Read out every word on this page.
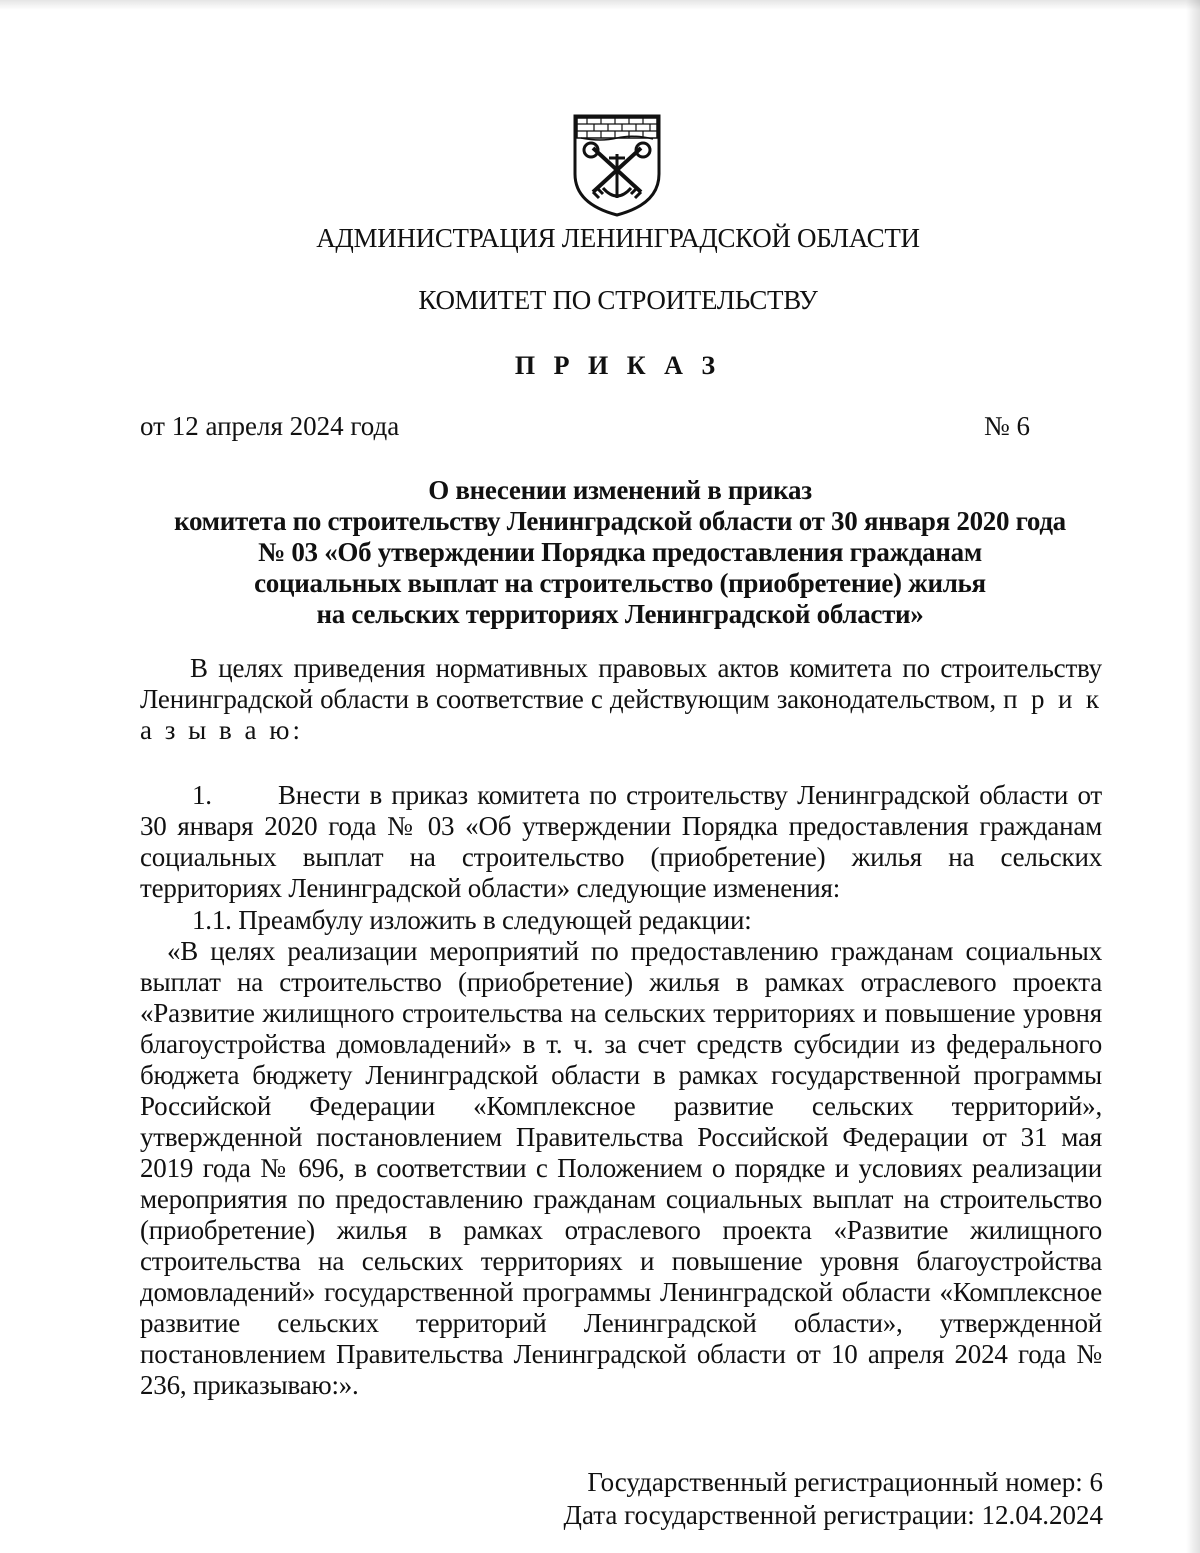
АДМИНИСТРАЦИЯ ЛЕНИНГРАДСКОЙ ОБЛАСТИ
КОМИТЕТ ПО СТРОИТЕЛЬСТВУ
П Р И К А З
от 12 апреля 2024 года	№ 6
О внесении изменений в приказ
комитета по строительству Ленинградской области от 30 января 2020 года
№ 03 «Об утверждении Порядка предоставления гражданам
социальных выплат на строительство (приобретение) жилья
на сельских территориях Ленинградской области»
В целях приведения нормативных правовых актов комитета по строительству Ленинградской области в соответствие с действующим законодательством, п р и к а з ы в а ю:
1. Внести в приказ комитета по строительству Ленинградской области от 30 января 2020 года № 03 «Об утверждении Порядка предоставления гражданам социальных выплат на строительство (приобретение) жилья на сельских территориях Ленинградской области» следующие изменения:
1.1. Преамбулу изложить в следующей редакции:
«В целях реализации мероприятий по предоставлению гражданам социальных выплат на строительство (приобретение) жилья в рамках отраслевого проекта «Развитие жилищного строительства на сельских территориях и повышение уровня благоустройства домовладений» в т. ч. за счет средств субсидии из федерального бюджета бюджету Ленинградской области в рамках государственной программы Российской Федерации «Комплексное развитие сельских территорий», утвержденной постановлением Правительства Российской Федерации от 31 мая 2019 года № 696, в соответствии с Положением о порядке и условиях реализации мероприятия по предоставлению гражданам социальных выплат на строительство (приобретение) жилья в рамках отраслевого проекта «Развитие жилищного строительства на сельских территориях и повышение уровня благоустройства домовладений» государственной программы Ленинградской области «Комплексное развитие сельских территорий Ленинградской области», утвержденной постановлением Правительства Ленинградской области от 10 апреля 2024 года № 236, приказываю:».
Государственный регистрационный номер: 6
Дата государственной регистрации: 12.04.2024
